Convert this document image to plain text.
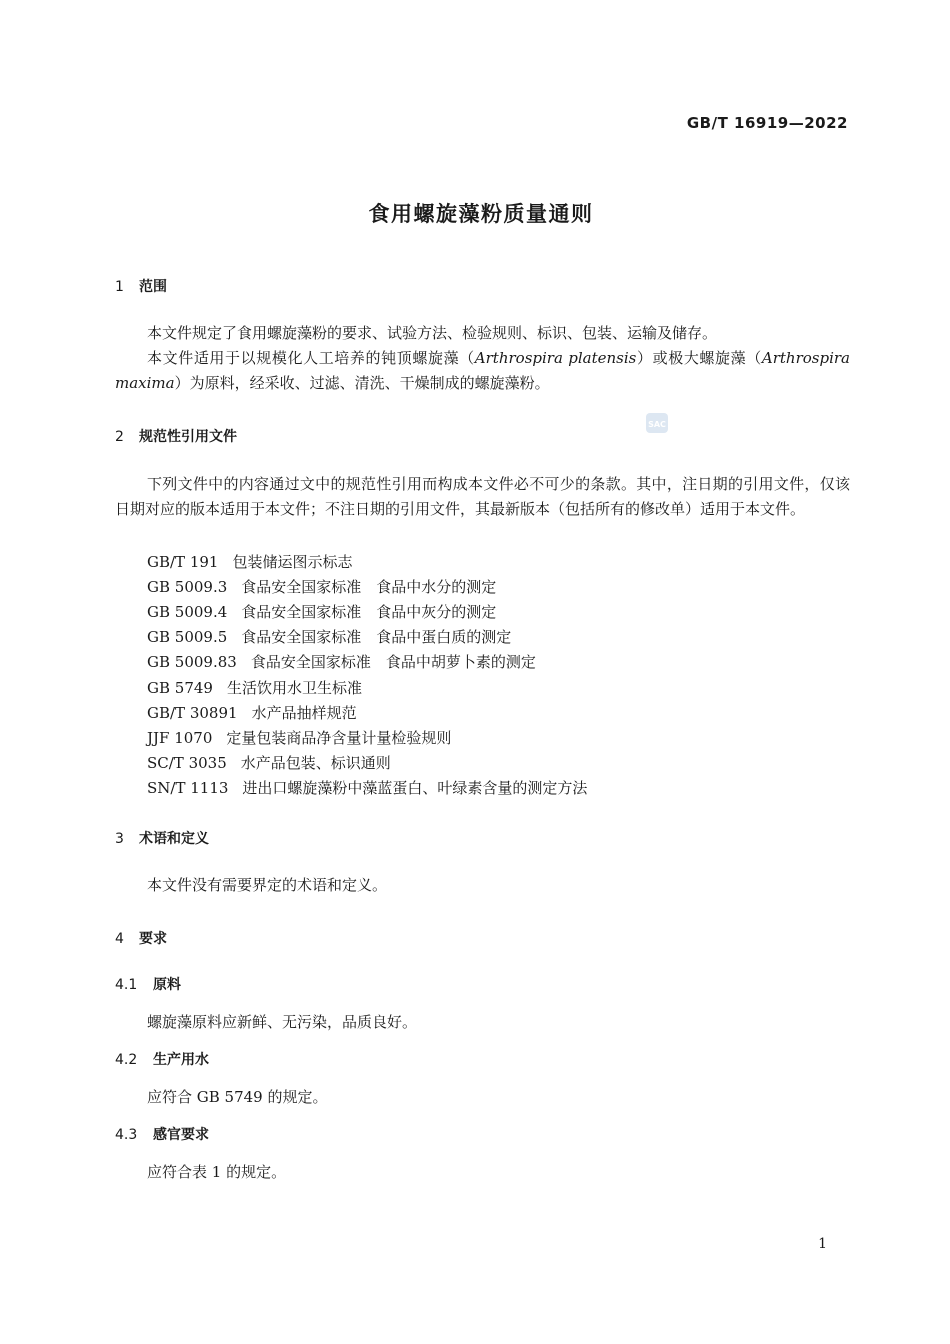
GB/T 16919—2022
食用螺旋藻粉质量通则
1 范围
本文件规定了食用螺旋藻粉的要求、试验方法、检验规则、标识、包装、运输及储存。
本文件适用于以规模化人工培养的钝顶螺旋藻（Arthrospira platensis）或极大螺旋藻（Arthrospira maxima）为原料，经采收、过滤、清洗、干燥制成的螺旋藻粉。
2 规范性引用文件
SAC
下列文件中的内容通过文中的规范性引用而构成本文件必不可少的条款。其中，注日期的引用文件，仅该日期对应的版本适用于本文件；不注日期的引用文件，其最新版本（包括所有的修改单）适用于本文件。
GB/T 191 包装储运图示标志
GB 5009.3 食品安全国家标准　食品中水分的测定
GB 5009.4 食品安全国家标准　食品中灰分的测定
GB 5009.5 食品安全国家标准　食品中蛋白质的测定
GB 5009.83 食品安全国家标准　食品中胡萝卜素的测定
GB 5749 生活饮用水卫生标准
GB/T 30891 水产品抽样规范
JJF 1070 定量包装商品净含量计量检验规则
SC/T 3035 水产品包装、标识通则
SN/T 1113 进出口螺旋藻粉中藻蓝蛋白、叶绿素含量的测定方法
3 术语和定义
本文件没有需要界定的术语和定义。
4 要求
4.1 原料
螺旋藻原料应新鲜、无污染，品质良好。
4.2 生产用水
应符合 GB 5749 的规定。
4.3 感官要求
应符合表 1 的规定。
1
